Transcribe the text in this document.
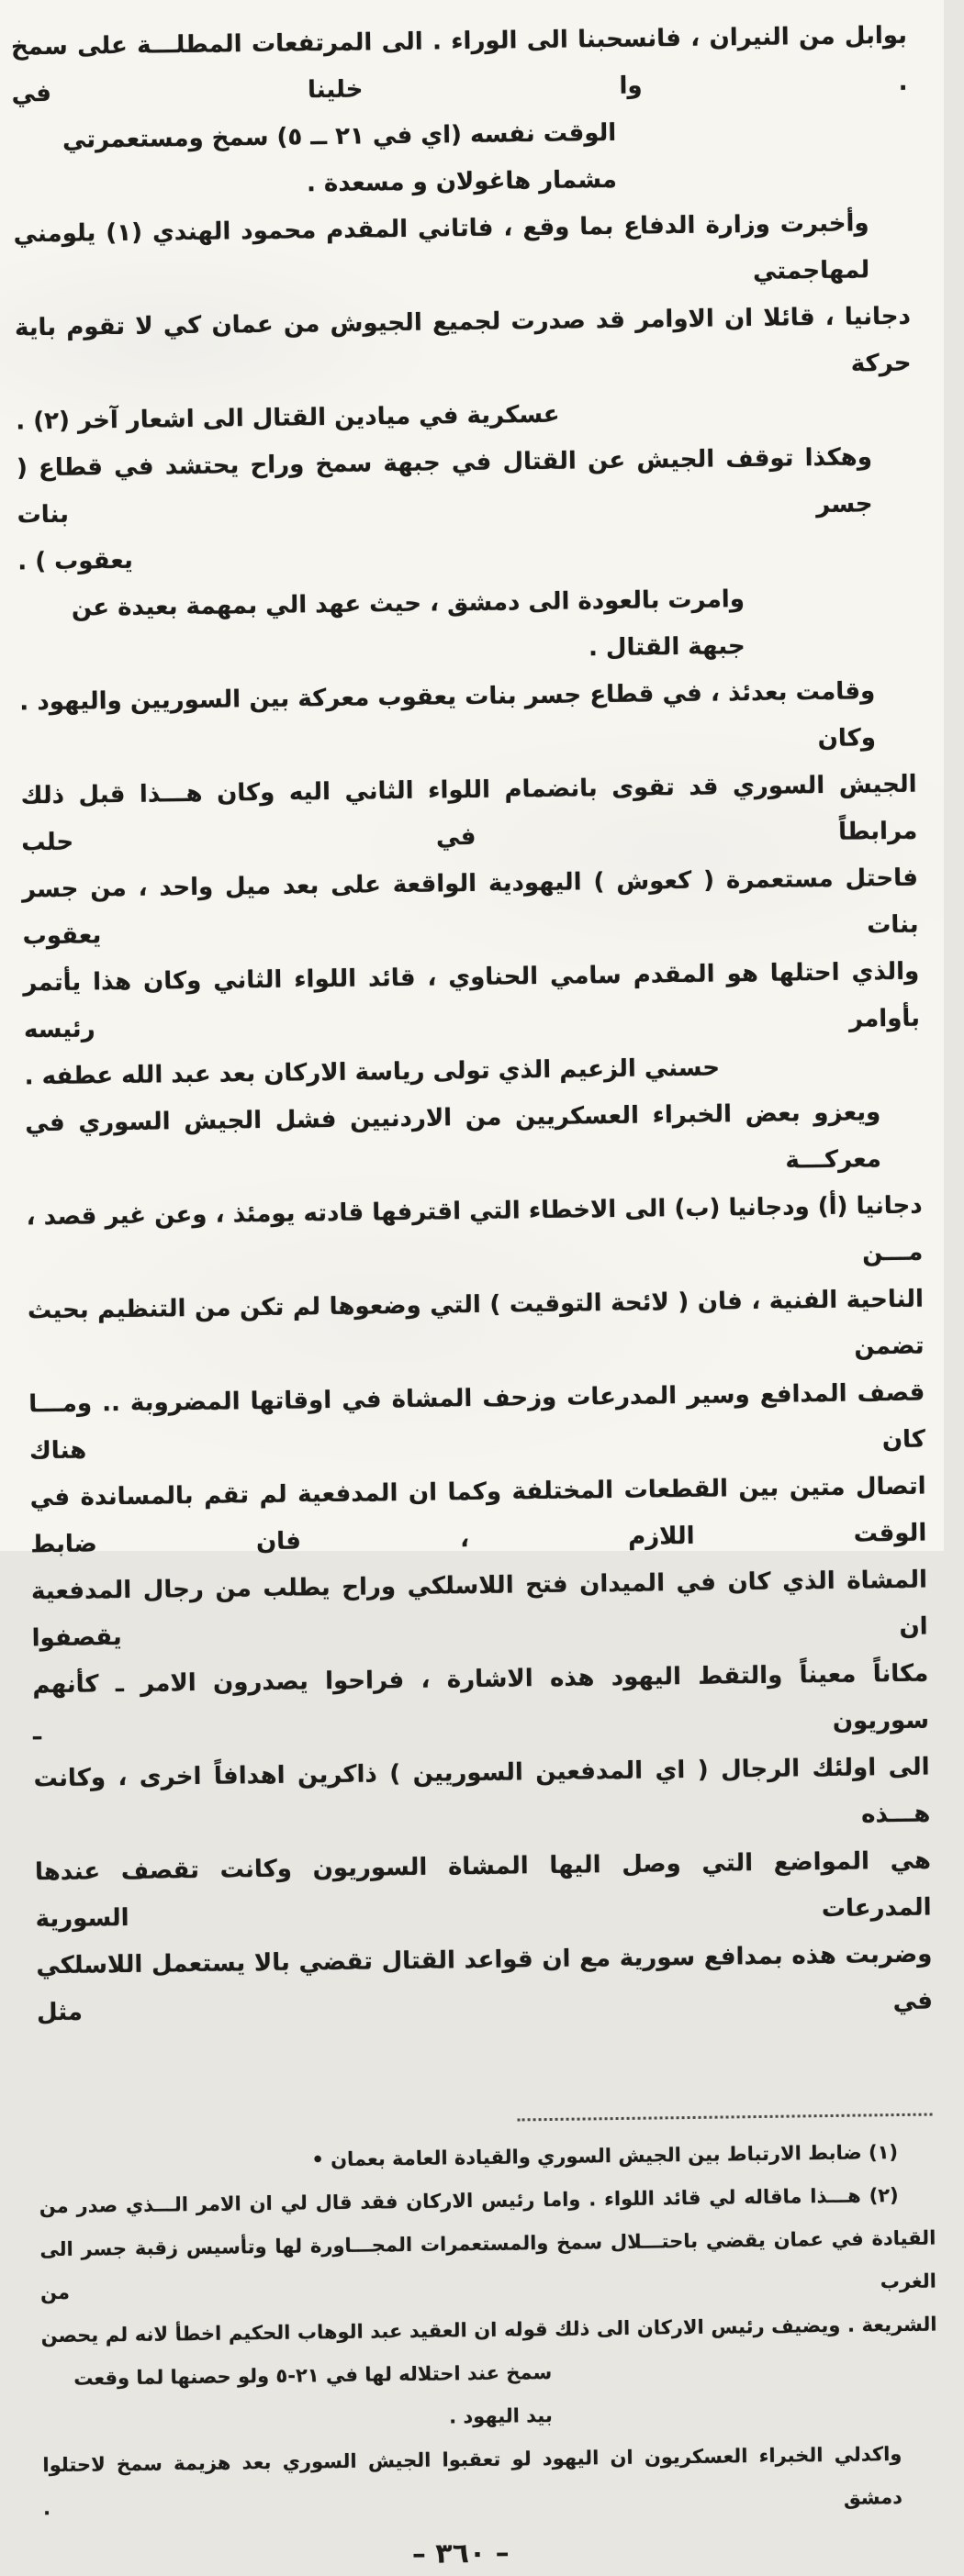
بوابل من النيران ، فانسحبنا الى الوراء . الى المرتفعات المطلـــة على سمخ . وا خلينا في
الوقت نفسه (اي في ٢١ ــ ٥) سمخ ومستعمرتي مشمار هاغولان و مسعدة .
وأخبرت وزارة الدفاع بما وقع ، فاتاني المقدم محمود الهندي (١) يلومني لمهاجمتي
دجانيا ، قائلا ان الاوامر قد صدرت لجميع الجيوش من عمان كي لا تقوم باية حركة
عسكرية في ميادين القتال الى اشعار آخر (٢) .
وهكذا توقف الجيش عن القتال في جبهة سمخ وراح يحتشد في قطاع ( جسر بنات
يعقوب ) .
وامرت بالعودة الى دمشق ، حيث عهد الي بمهمة بعيدة عن جبهة القتال .
وقامت بعدئذ ، في قطاع جسر بنات يعقوب معركة بين السوريين واليهود . وكان
الجيش السوري قد تقوى بانضمام اللواء الثاني اليه وكان هـــذا قبل ذلك مرابطاً في حلب
فاحتل مستعمرة ( كعوش ) اليهودية الواقعة على بعد ميل واحد ، من جسر بنات يعقوب
والذي احتلها هو المقدم سامي الحناوي ، قائد اللواء الثاني وكان هذا يأتمر بأوامر رئيسه
حسني الزعيم الذي تولى رياسة الاركان بعد عبد الله عطفه .
ويعزو بعض الخبراء العسكريين من الاردنيين فشل الجيش السوري في معركـــة
دجانيا (أ) ودجانيا (ب) الى الاخطاء التي اقترفها قادته يومئذ ، وعن غير قصد ، مـــن
الناحية الفنية ، فان ( لائحة التوقيت ) التي وضعوها لم تكن من التنظيم بحيث تضمن
قصف المدافع وسير المدرعات وزحف المشاة في اوقاتها المضروبة .. ومـــا كان هناك
اتصال متين بين القطعات المختلفة وكما ان المدفعية لم تقم بالمساندة في الوقت اللازم ، فان ضابط
المشاة الذي كان في الميدان فتح اللاسلكي وراح يطلب من رجال المدفعية ان يقصفوا
مكاناً معيناً والتقط اليهود هذه الاشارة ، فراحوا يصدرون الامر ـ كأنهم سوريون ـ
الى اولئك الرجال ( اي المدفعين السوريين ) ذاكرين اهدافاً اخرى ، وكانت هـــذه
هي المواضع التي وصل اليها المشاة السوريون وكانت تقصف عندها المدرعات السورية
وضربت هذه بمدافع سورية مع ان قواعد القتال تقضي بالا يستعمل اللاسلكي في مثل
(١) ضابط الارتباط بين الجيش السوري والقيادة العامة بعمان •
(٢) هـــذا ماقاله لي قائد اللواء . واما رئيس الاركان فقد قال لي ان الامر الـــذي صدر من
القيادة في عمان يقضي باحتـــلال سمخ والمستعمرات المجـــاورة لها وتأسيس زقبة جسر الى الغرب من
الشريعة . ويضيف رئيس الاركان الى ذلك قوله ان العقيد عبد الوهاب الحكيم اخطأ لانه لم يحصن
سمخ عند احتلاله لها في ٢١-٥ ولو حصنها لما وقعت بيد اليهود .
واكدلي الخبراء العسكريون ان اليهود لو تعقبوا الجيش السوري بعد هزيمة سمخ لاحتلوا دمشق .
– ٣٦٠ –
